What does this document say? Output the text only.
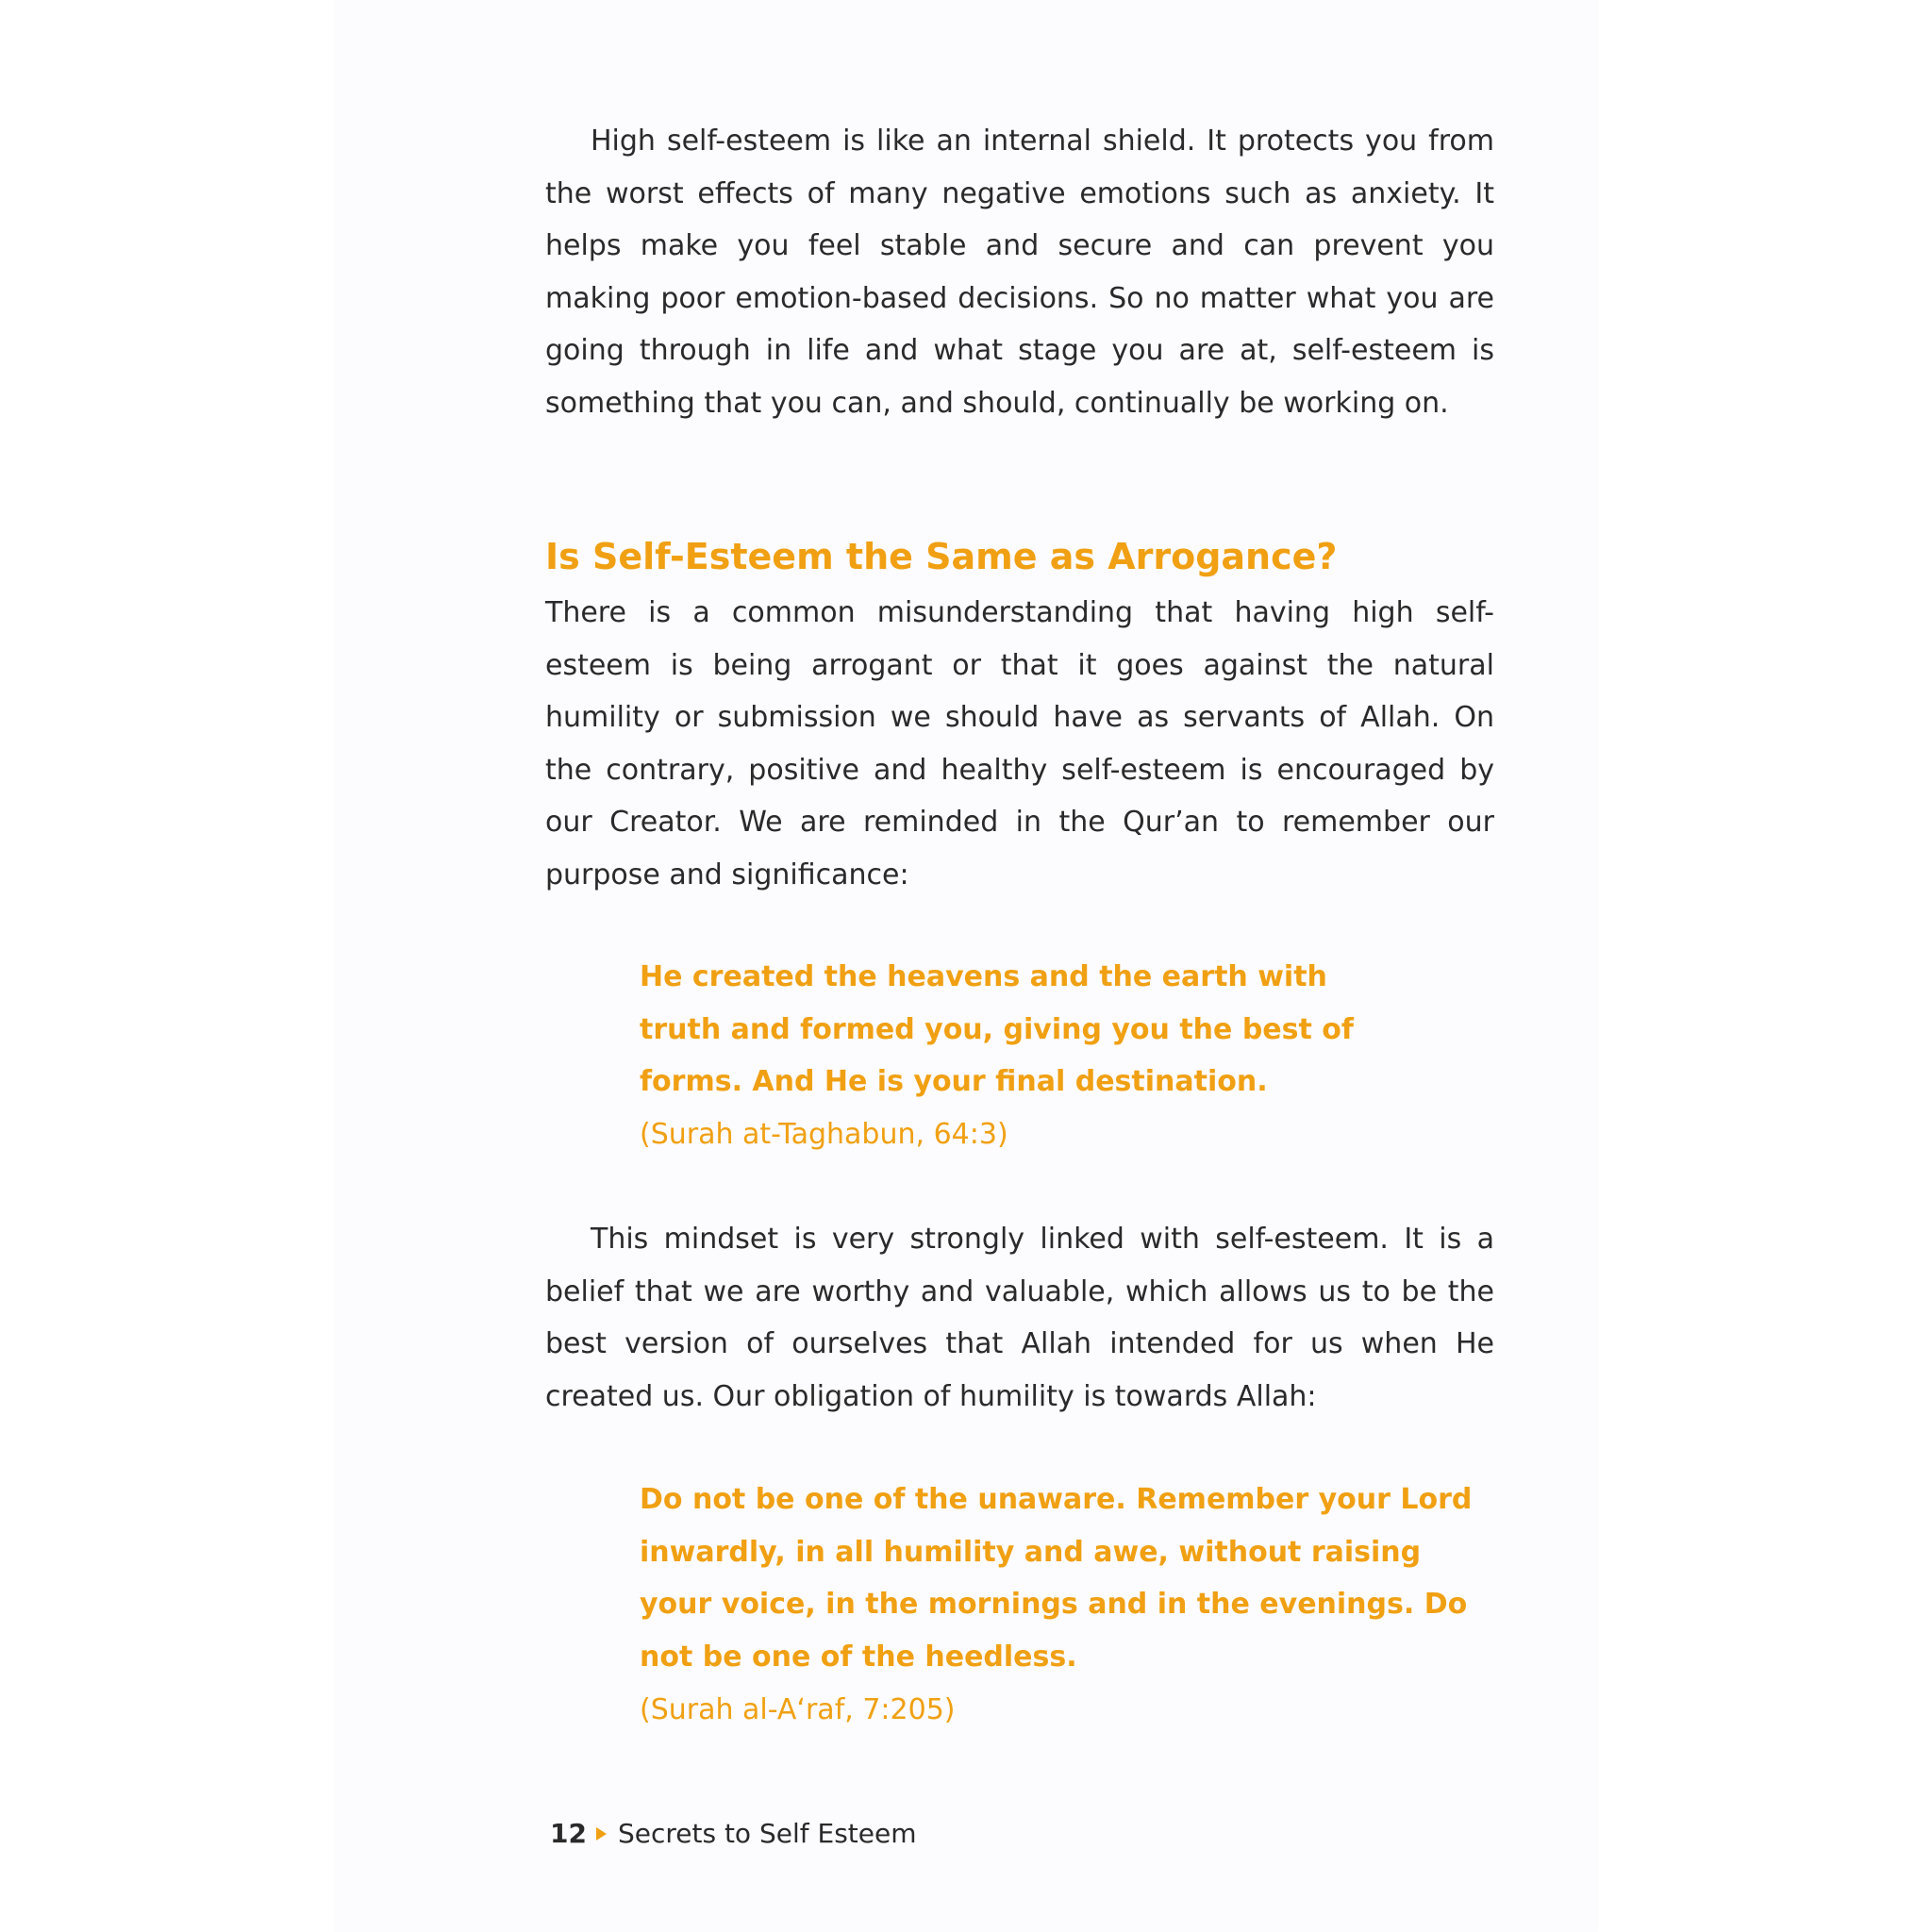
High self-esteem is like an internal shield. It protects you from the worst effects of many negative emotions such as anxiety. It helps make you feel stable and secure and can prevent you making poor emotion-based decisions. So no matter what you are going through in life and what stage you are at, self-esteem is something that you can, and should, continually be working on.

Is Self-Esteem the Same as Arrogance?

There is a common misunderstanding that having high self-esteem is being arrogant or that it goes against the natural humility or submission we should have as servants of Allah. On the contrary, positive and healthy self-esteem is encouraged by our Creator. We are reminded in the Qur’an to remember our purpose and significance:

He created the heavens and the earth with truth and formed you, giving you the best of forms. And He is your final destination.

(Surah at-Taghabun, 64:3)

This mindset is very strongly linked with self-esteem. It is a belief that we are worthy and valuable, which allows us to be the best version of ourselves that Allah intended for us when He created us. Our obligation of humility is towards Allah:

Do not be one of the unaware. Remember your Lord inwardly, in all humility and awe, without raising your voice, in the mornings and in the evenings. Do not be one of the heedless.

(Surah al-A‘raf, 7:205)

12 Secrets to Self Esteem
